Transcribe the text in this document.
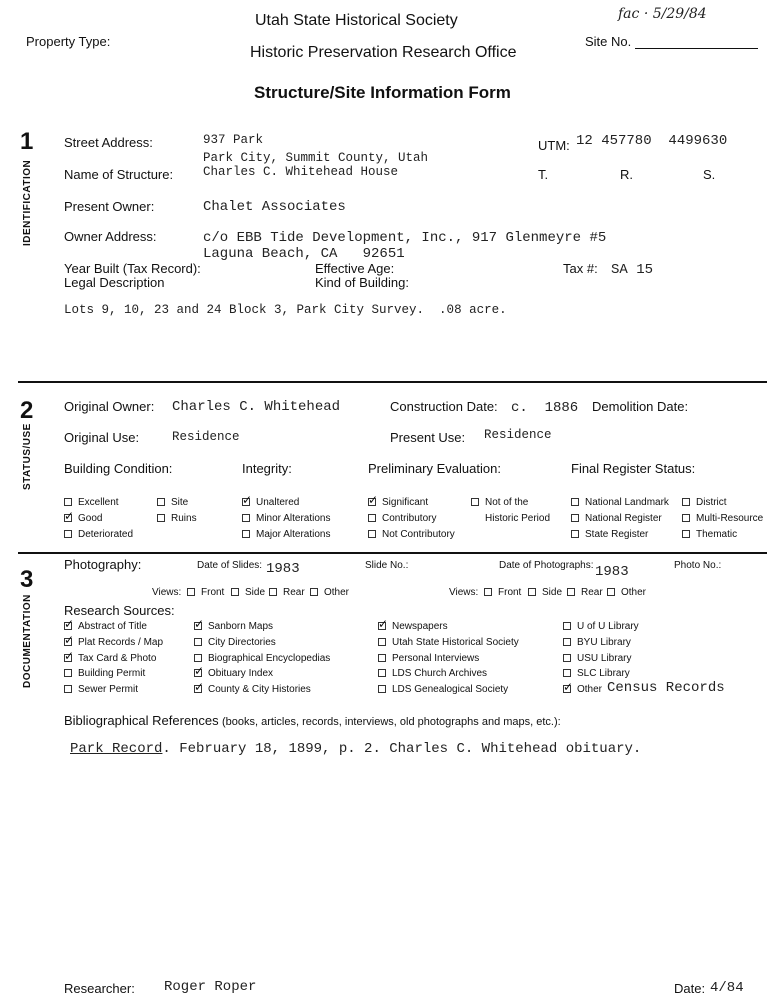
Utah State Historical Society
Historic Preservation Research Office
Property Type:	Site No.
fac · 5/29/84
Structure/Site Information Form
1
IDENTIFICATION
Street Address:	937 Park
Park City, Summit County, Utah
UTM: 12 457780  4499630
Name of Structure: Charles C. Whitehead House	T.	R.	S.
Present Owner:	Chalet Associates
Owner Address:	c/o EBB Tide Development, Inc., 917 Glenmeyre #5
Laguna Beach, CA   92651
Year Built (Tax Record):	Effective Age:	Tax #: SA 15
Legal Description	Kind of Building:
Lots 9, 10, 23 and 24 Block 3, Park City Survey.  .08 acre.
2
STATUS/USE
Original Owner: Charles C. Whitehead	Construction Date: c.  1886 Demolition Date:
Original Use:	Residence	Present Use: Residence
Building Condition:	Integrity:	Preliminary Evaluation:	Final Register Status:
Excellent
✓Good
Deteriorated
Site
Ruins
✓Unaltered
Minor Alterations
Major Alterations
✓Significant
Contributory
Not Contributory
Not of the
Historic Period
National Landmark
National Register
State Register
District
Multi-Resource
Thematic
3
DOCUMENTATION
Photography:	Date of Slides: 1983	Slide No.:	Date of Photographs: 1983	Photo No.:
Views:	Front	Side	Rear	Other	Views:	Front	Side	Rear	Other
Research Sources:
✓Abstract of Title
✓Plat Records / Map
✓Tax Card & Photo
Building Permit
Sewer Permit
✓Sanborn Maps
City Directories
Biographical Encyclopedias
✓Obituary Index
✓County & City Histories
✓Newspapers
Utah State Historical Society
Personal Interviews
LDS Church Archives
LDS Genealogical Society
U of U Library
BYU Library
USU Library
SLC Library
✓Other Census Records
Bibliographical References (books, articles, records, interviews, old photographs and maps, etc.):
Park Record. February 18, 1899, p. 2. Charles C. Whitehead obituary.
Researcher: Roger Roper	Date: 4/84
